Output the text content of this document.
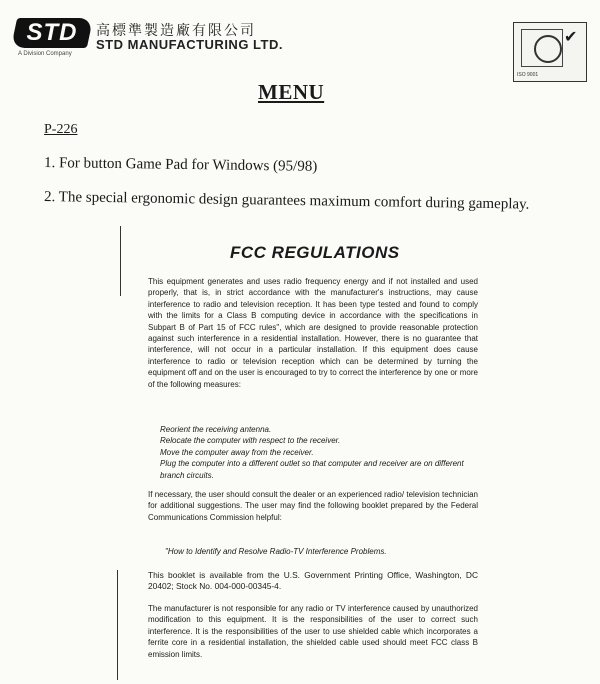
STD
A Division Company
高標準製造廠有限公司
STD MANUFACTURING LTD.	✔
ISO 9001
MENU
P-226
1. For button Game Pad for Windows (95/98)
2. The special ergonomic design guarantees maximum comfort during gameplay.
FCC REGULATIONS
This equipment generates and uses radio frequency energy and if not installed and used properly, that is, in strict accordance with the manufacturer's instructions, may cause interference to radio and television reception. It has been type tested and found to comply with the limits for a Class B computing device in accordance with the specifications in Subpart B of Part 15 of FCC rules", which are designed to provide reasonable protection against such interference in a residential installation. However, there is no guarantee that interference, will not occur in a particular installation. If this equipment does cause interference to radio or television reception which can be determined by turning the equipment off and on the user is encouraged to try to correct the interference by one or more of the following measures:
Reorient the receiving antenna.
Relocate the computer with respect to the receiver.
Move the computer away from the receiver.
Plug the computer into a different outlet so that computer and receiver are on different branch circuits.
If necessary, the user should consult the dealer or an experienced radio/ television technician for additional suggestions. The user may find the following booklet prepared by the Federal Communications Commission helpful:
"How to Identify and Resolve Radio-TV Interference Problems.
This booklet is available from the U.S. Government Printing Office, Washington, DC 20402; Stock No. 004-000-00345-4.
The manufacturer is not responsible for any radio or TV interference caused by unauthorized modification to this equipment. It is the responsibilities of the user to correct such interference. It is the responsibilities of the user to use shielded cable which incorporates a ferrite core in a residential installation, the shielded cable used should meet FCC class B emission limits.
